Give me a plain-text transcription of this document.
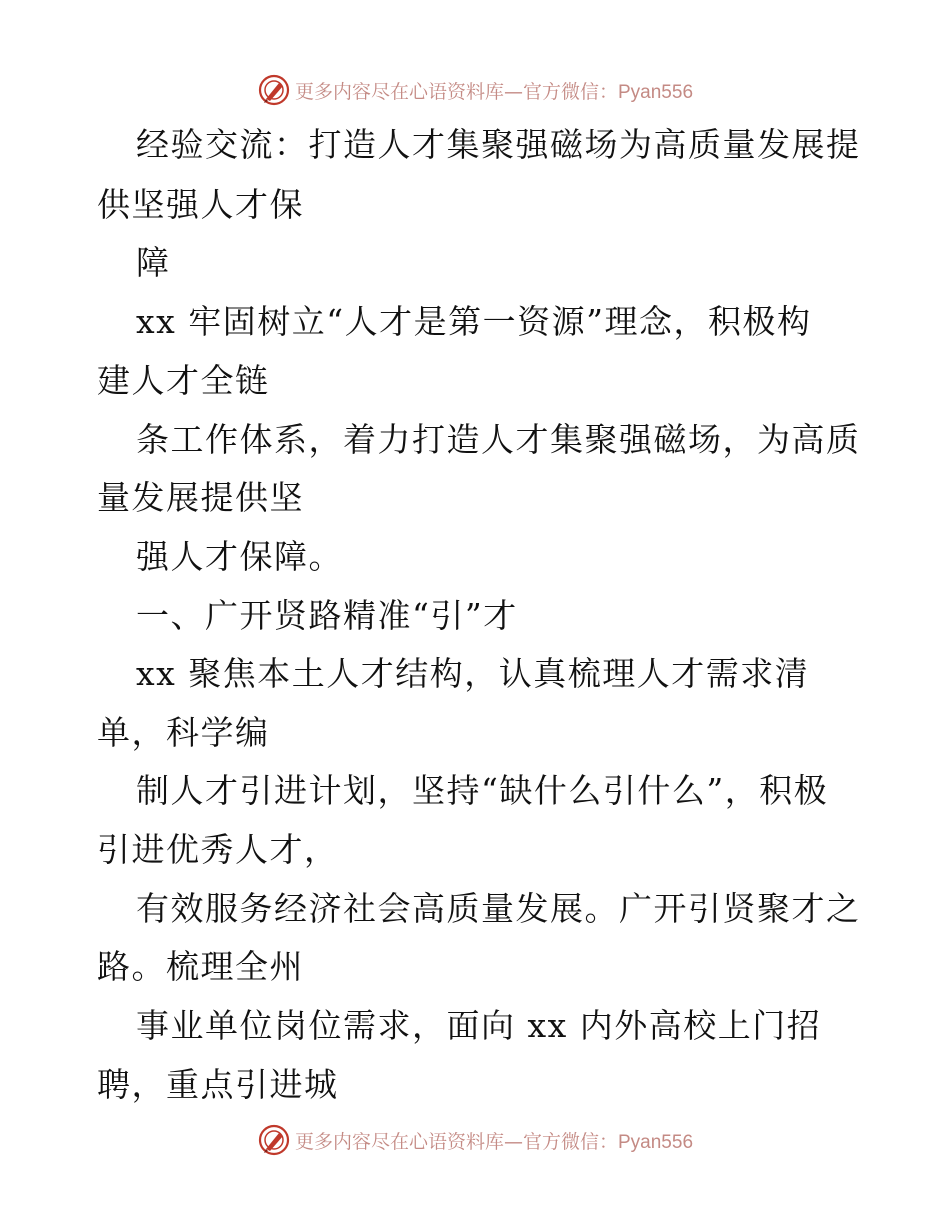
更多内容尽在心语资料库—官方微信：Pyan556
经验交流：打造人才集聚强磁场为高质量发展提
供坚强人才保
障
xx 牢固树立“人才是第一资源”理念，积极构
建人才全链
条工作体系，着力打造人才集聚强磁场，为高质
量发展提供坚
强人才保障。
一、广开贤路精准“引”才
xx 聚焦本土人才结构，认真梳理人才需求清
单，科学编
制人才引进计划，坚持“缺什么引什么”，积极
引进优秀人才，
有效服务经济社会高质量发展。广开引贤聚才之
路。梳理全州
事业单位岗位需求，面向 xx 内外高校上门招
聘，重点引进城
更多内容尽在心语资料库—官方微信：Pyan556
